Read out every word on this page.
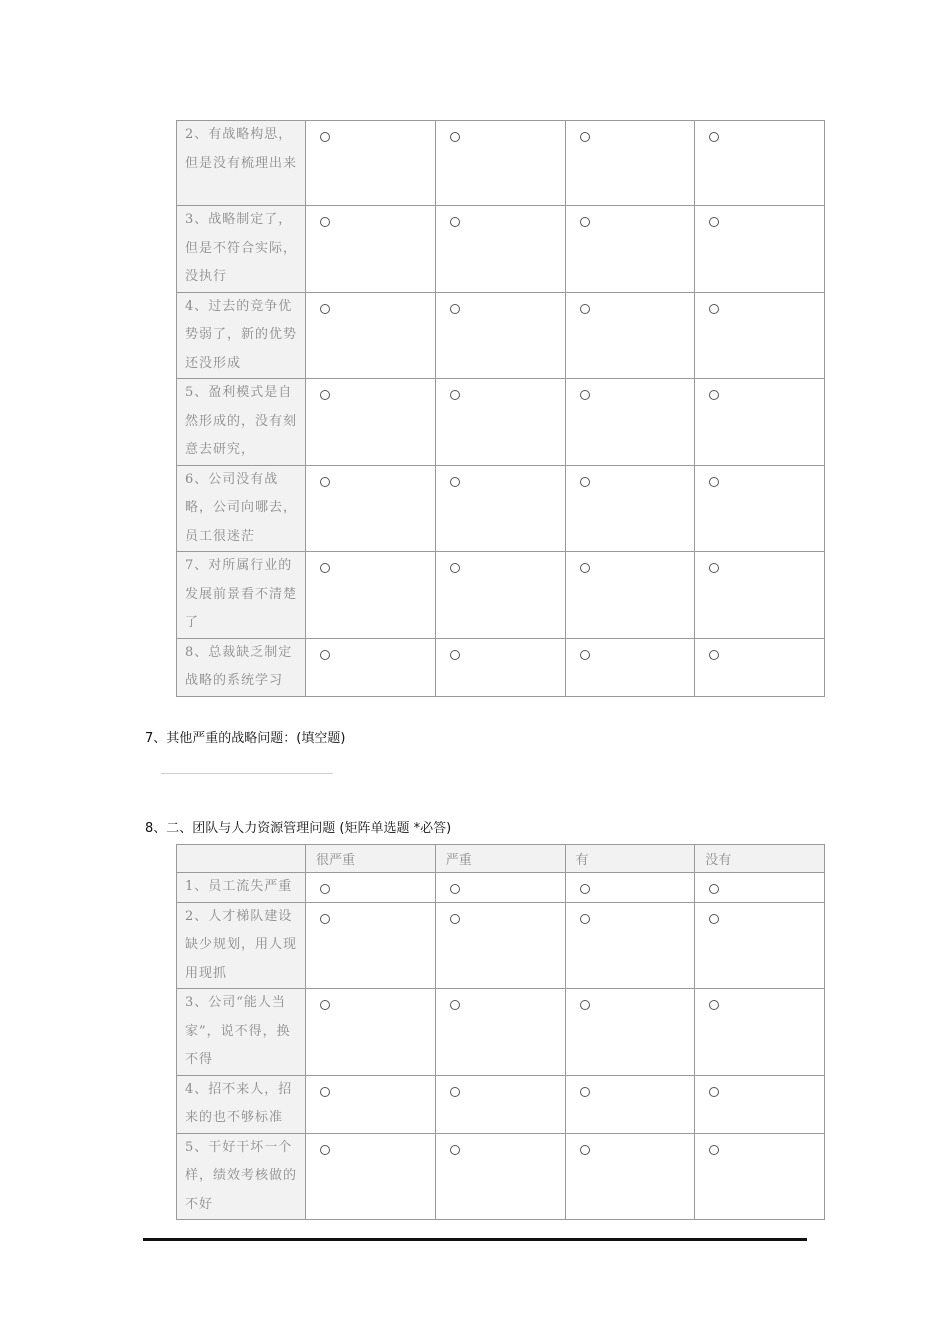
2、有战略构思，但是没有梳理出来				
3、战略制定了，但是不符合实际，没执行				
4、过去的竞争优势弱了，新的优势还没形成				
5、盈利模式是自然形成的，没有刻意去研究，				
6、公司没有战略，公司向哪去，员工很迷茫				
7、对所属行业的发展前景看不清楚了				
8、总裁缺乏制定战略的系统学习				
7、其他严重的战略问题：(填空题)
8、二、团队与人力资源管理问题 (矩阵单选题 *必答)
	很严重	严重	有	没有
1、员工流失严重				
2、人才梯队建设缺少规划，用人现用现抓				
3、公司“能人当家”，说不得，换不得				
4、招不来人，招来的也不够标准				
5、干好干坏一个样，绩效考核做的不好				
